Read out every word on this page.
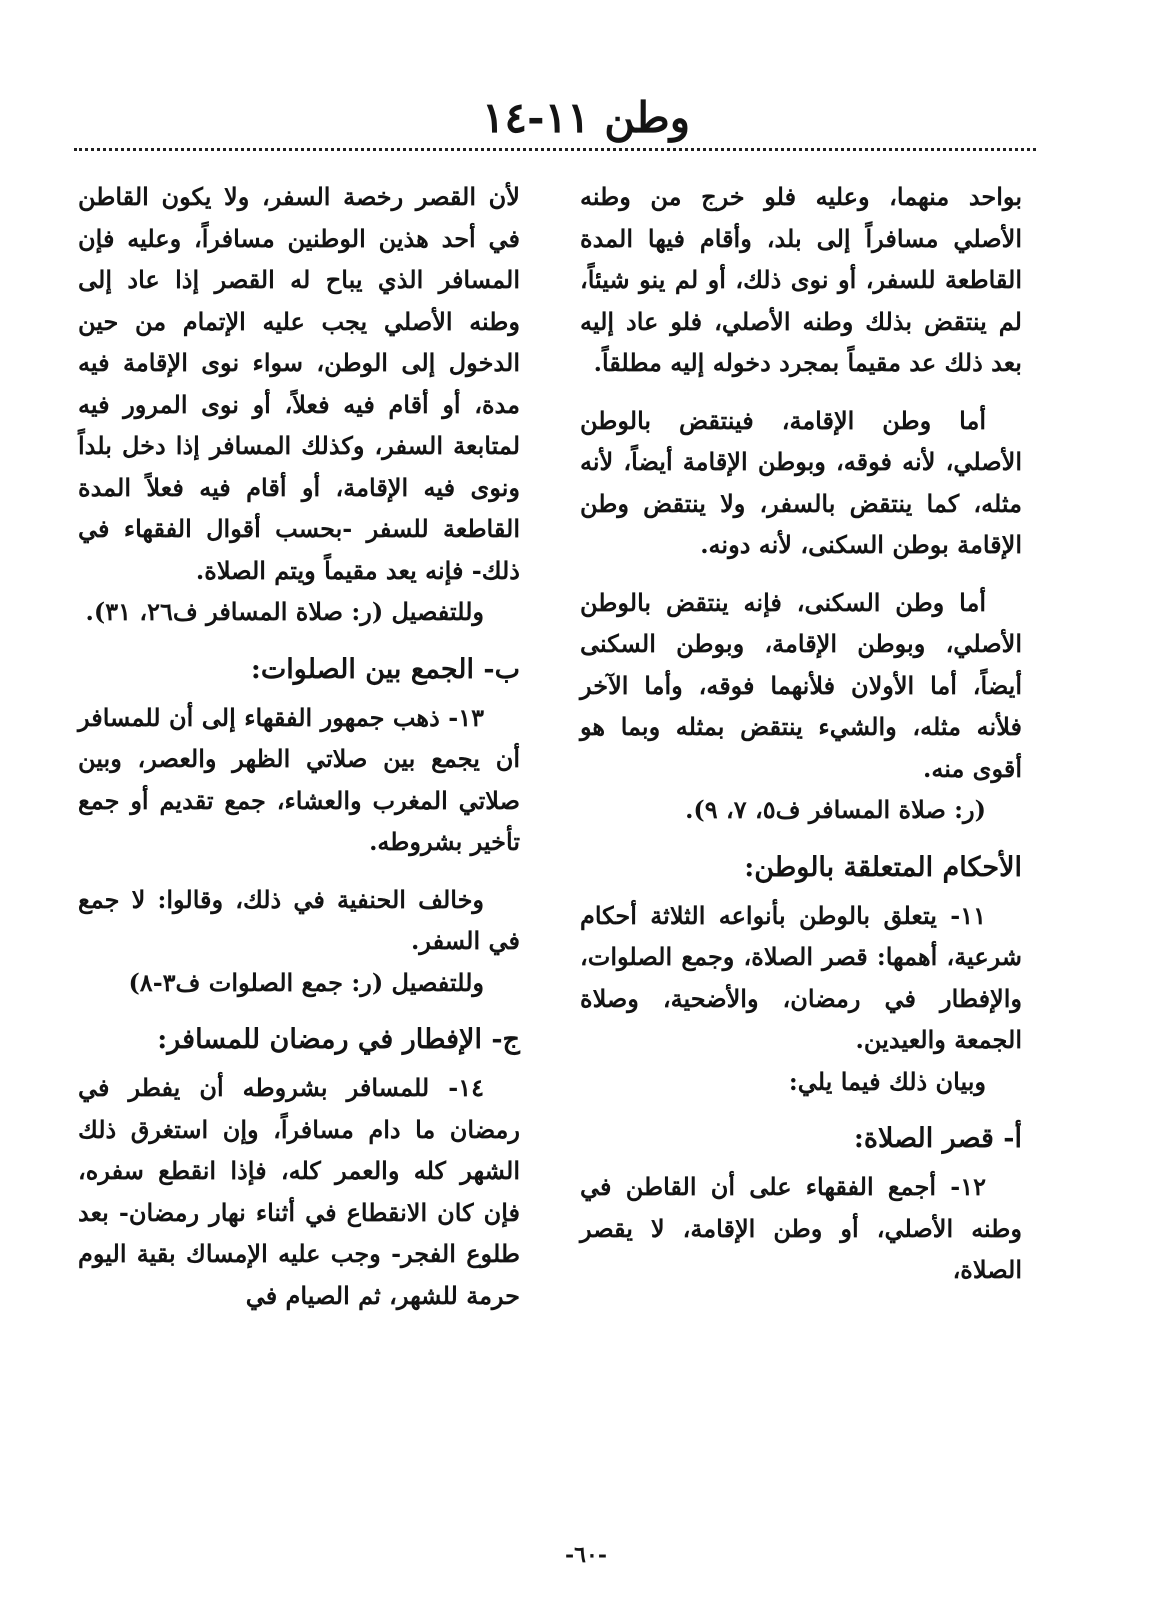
وطن ١١-١٤

بواحد منهما، وعليه فلو خرج من وطنه الأصلي مسافراً إلى بلد، وأقام فيها المدة القاطعة للسفر، أو نوى ذلك، أو لم ينو شيئاً، لم ينتقض بذلك وطنه الأصلي، فلو عاد إليه بعد ذلك عد مقيماً بمجرد دخوله إليه مطلقاً.

أما وطن الإقامة، فينتقض بالوطن الأصلي، لأنه فوقه، وبوطن الإقامة أيضاً، لأنه مثله، كما ينتقض بالسفر، ولا ينتقض وطن الإقامة بوطن السكنى، لأنه دونه.

أما وطن السكنى، فإنه ينتقض بالوطن الأصلي، وبوطن الإقامة، وبوطن السكنى أيضاً، أما الأولان فلأنهما فوقه، وأما الآخر فلأنه مثله، والشيء ينتقض بمثله وبما هو أقوى منه.

(ر: صلاة المسافر ف٥، ٧، ٩).

الأحكام المتعلقة بالوطن:

١١- يتعلق بالوطن بأنواعه الثلاثة أحكام شرعية، أهمها: قصر الصلاة، وجمع الصلوات، والإفطار في رمضان، والأضحية، وصلاة الجمعة والعيدين.

وبيان ذلك فيما يلي:

أ- قصر الصلاة:

١٢- أجمع الفقهاء على أن القاطن في وطنه الأصلي، أو وطن الإقامة، لا يقصر الصلاة،

لأن القصر رخصة السفر، ولا يكون القاطن في أحد هذين الوطنين مسافراً، وعليه فإن المسافر الذي يباح له القصر إذا عاد إلى وطنه الأصلي يجب عليه الإتمام من حين الدخول إلى الوطن، سواء نوى الإقامة فيه مدة، أو أقام فيه فعلاً، أو نوى المرور فيه لمتابعة السفر، وكذلك المسافر إذا دخل بلداً ونوى فيه الإقامة، أو أقام فيه فعلاً المدة القاطعة للسفر -بحسب أقوال الفقهاء في ذلك- فإنه يعد مقيماً ويتم الصلاة.

وللتفصيل (ر: صلاة المسافر ف٢٦، ٣١).

ب- الجمع بين الصلوات:

١٣- ذهب جمهور الفقهاء إلى أن للمسافر أن يجمع بين صلاتي الظهر والعصر، وبين صلاتي المغرب والعشاء، جمع تقديم أو جمع تأخير بشروطه.

وخالف الحنفية في ذلك، وقالوا: لا جمع في السفر.

وللتفصيل (ر: جمع الصلوات ف٣-٨)

ج- الإفطار في رمضان للمسافر:

١٤- للمسافر بشروطه أن يفطر في رمضان ما دام مسافراً، وإن استغرق ذلك الشهر كله والعمر كله، فإذا انقطع سفره، فإن كان الانقطاع في أثناء نهار رمضان- بعد طلوع الفجر- وجب عليه الإمساك بقية اليوم حرمة للشهر، ثم الصيام في

-٦٠-
